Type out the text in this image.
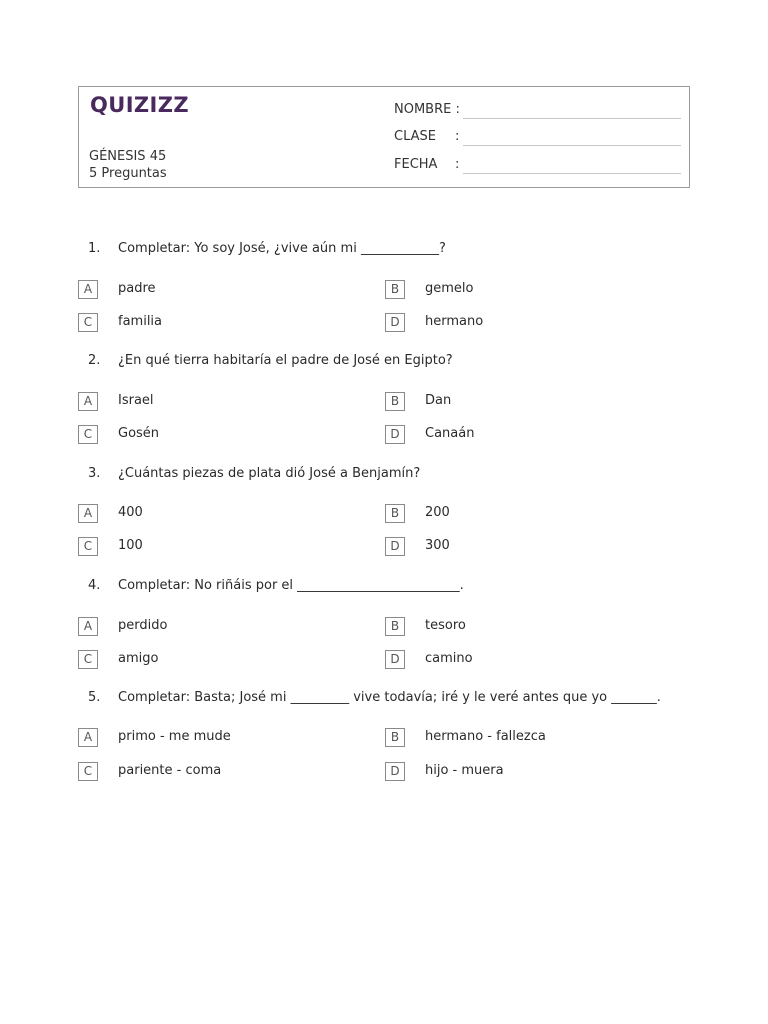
QUIZIZZ
GÉNESIS 45
5 Preguntas
NOMBRE :
CLASE :
FECHA :
1. Completar: Yo soy José, ¿vive aún mi ____________?
A	padre	B	gemelo
C	familia	D	hermano
2. ¿En qué tierra habitaría el padre de José en Egipto?
A	Israel	B	Dan
C	Gosén	D	Canaán
3. ¿Cuántas piezas de plata dió José a Benjamín?
A	400	B	200
C	100	D	300
4. Completar: No riñáis por el _________________________.
A	perdido	B	tesoro
C	amigo	D	camino
5. Completar: Basta; José mi _________ vive todavía; iré y le veré antes que yo _______.
A	primo - me mude	B	hermano - fallezca
C	pariente - coma	D	hijo - muera
